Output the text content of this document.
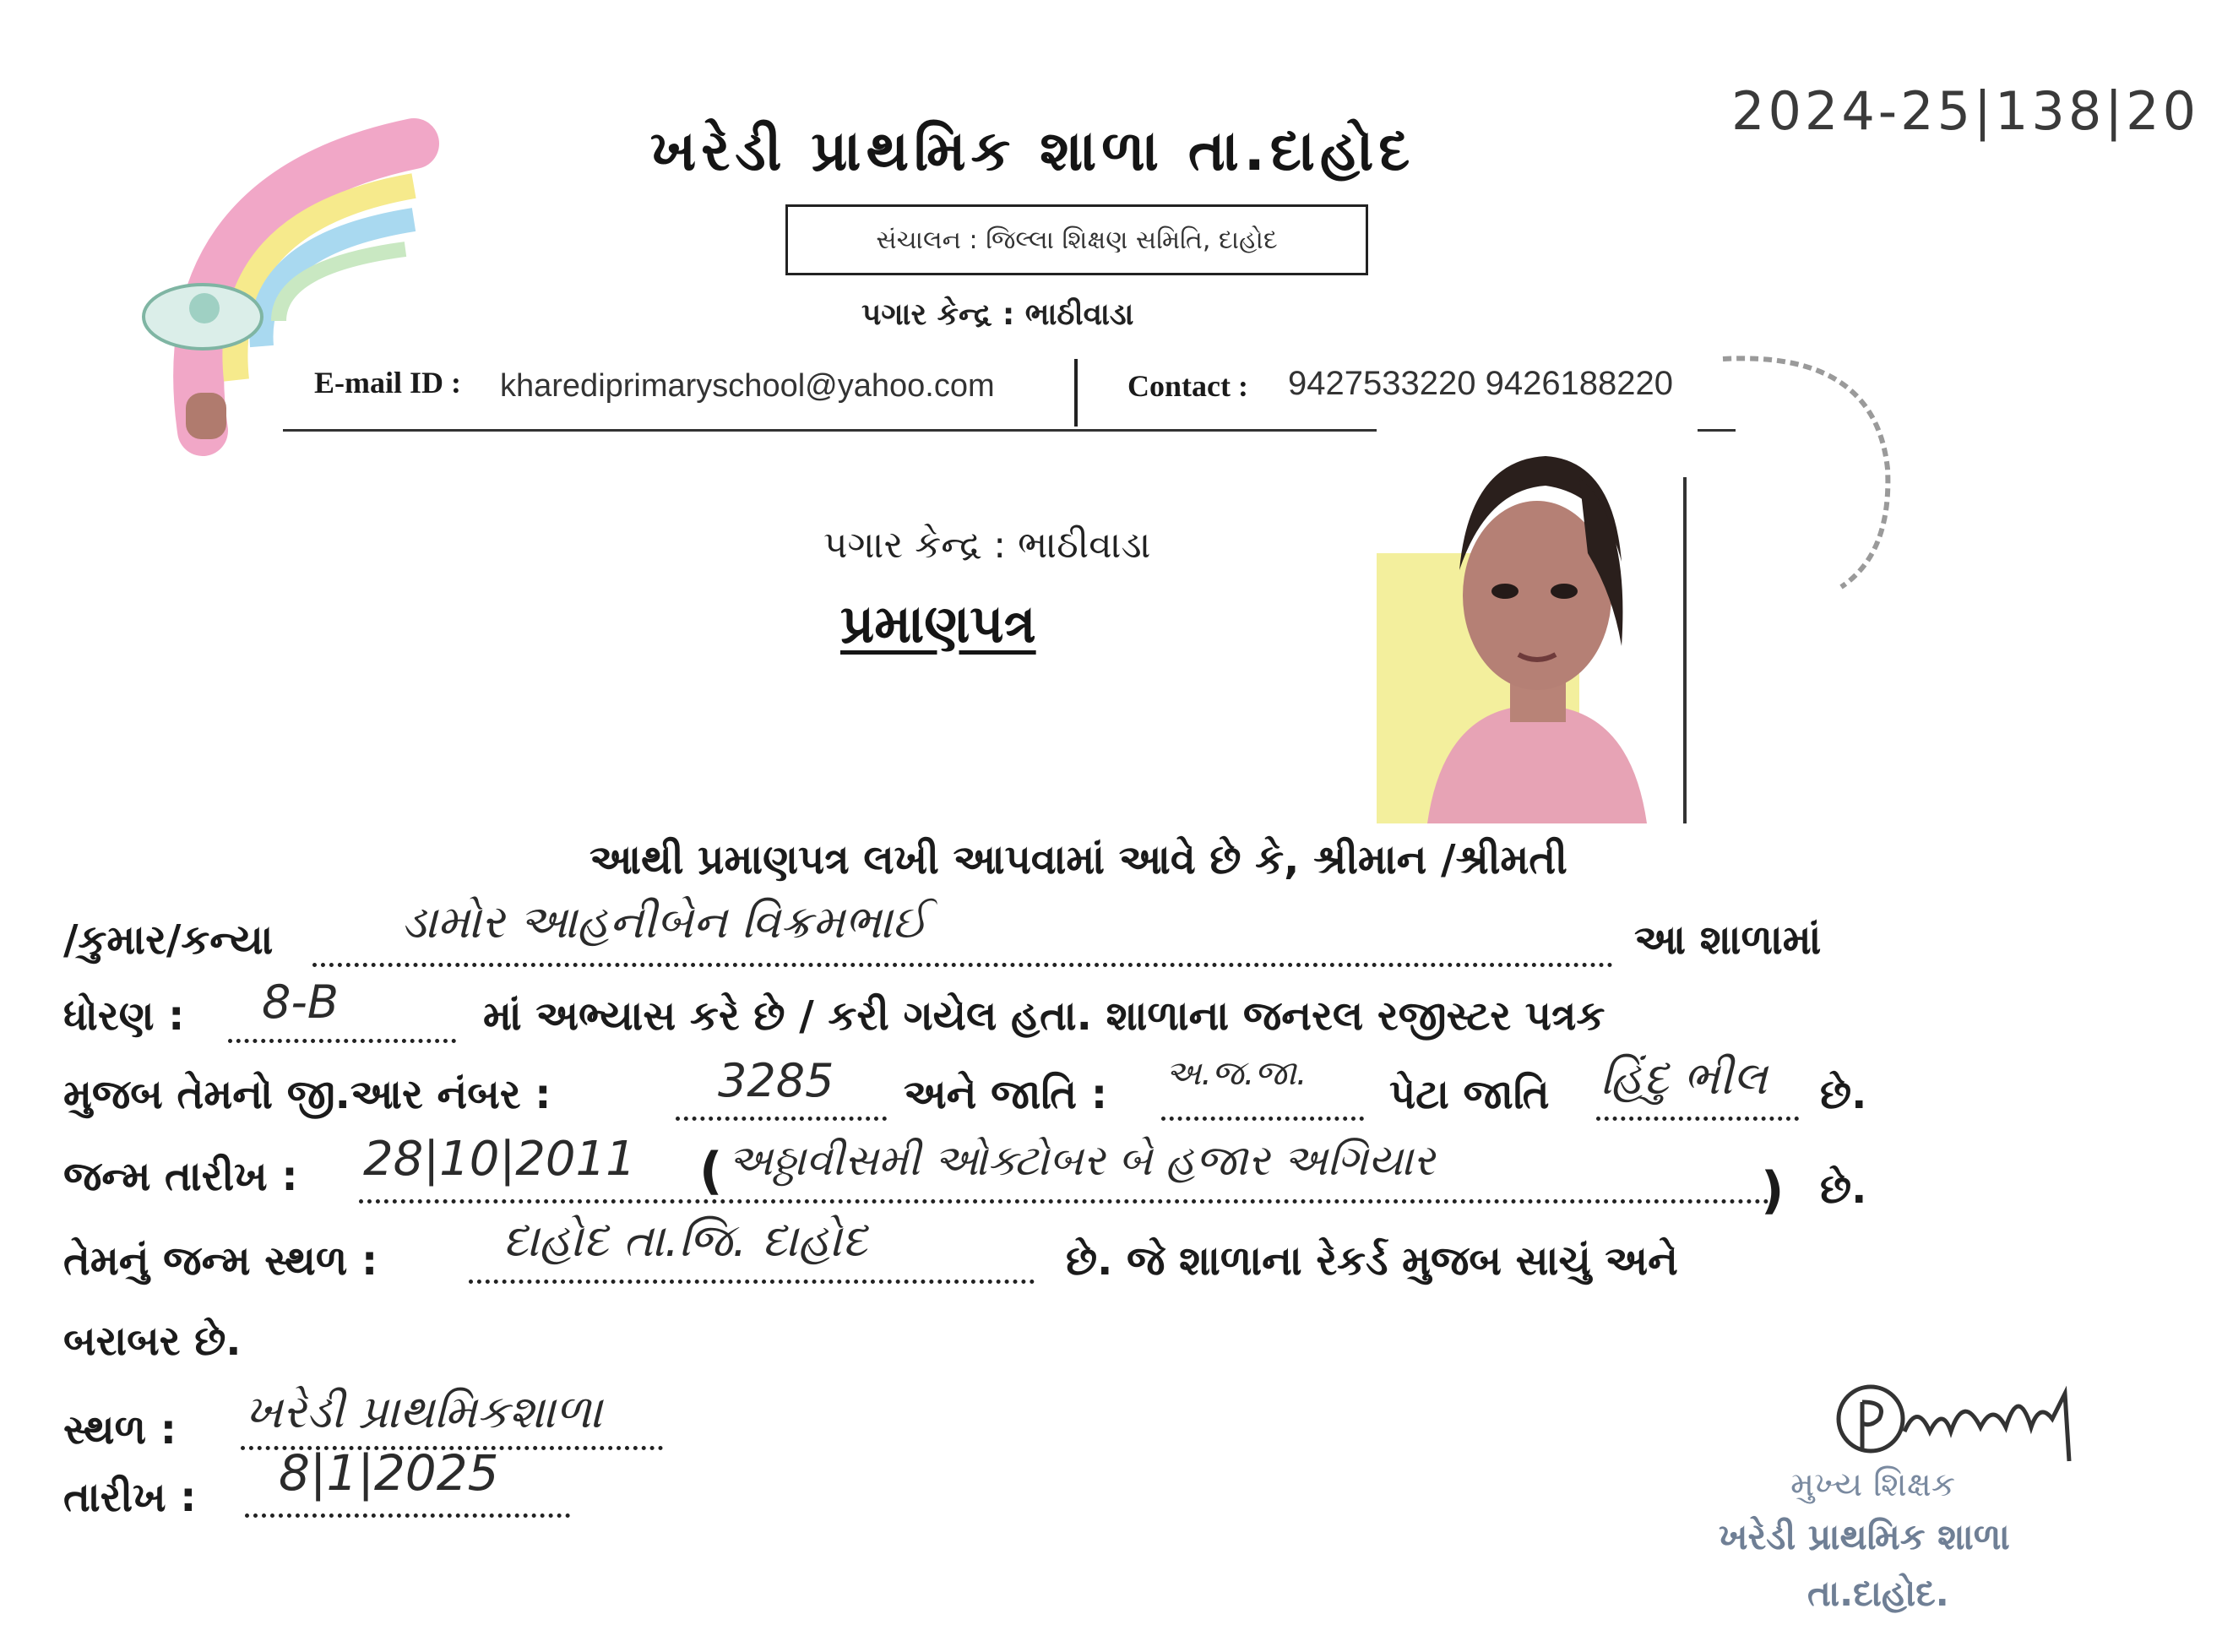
2024-25|138|20
ખરેડી પ્રાથમિક શાળા તા.દાહોદ
સંચાલન : જિલ્લા શિક્ષણ સમિતિ, દાહોદ
પગાર કેન્દ્ર : ભાઠીવાડા
E-mail ID : kharediprimaryschool@yahoo.com	Contact : 9427533220 9426188220
પગાર કેન્દ્ર : ભાઠીવાડા
પ્રમાણપત્ર
આથી પ્રમાણપત્ર લખી આપવામાં આવે છે કે, શ્રીમાન /શ્રીમતી
/કુમાર/કન્યા	ડામોર આહનીબેન વિક્રમભાઈ	આ શાળામાં
ધોરણ : 8-B	માં અભ્યાસ કરે છે / કરી ગયેલ હતા. શાળાના જનરલ રજીસ્ટર પત્રક
મુજબ તેમનો જી.આર નંબર :	3285 અને જાતિ : અ.જ.જા. પેટા જાતિ હિંદુ ભીલ છે.
જન્મ તારીખ : 28|10|2011 ( અઠ્ઠાવીસમી ઓક્ટોબર બે હજાર અગિયાર
) છે.
તેમનું જન્મ સ્થળ :	દાહોદ તા.જિ. દાહોદ	છે. જે શાળાના રેકર્ડ મુજબ સાચું અને
બરાબર છે.
સ્થળ : ખરેડી પ્રાથમિકશાળા
તારીખ : 8|1|2025	મુખ્ય શિક્ષક
ખરેડી પ્રાથમિક શાળા
તા.દાહોદ.
